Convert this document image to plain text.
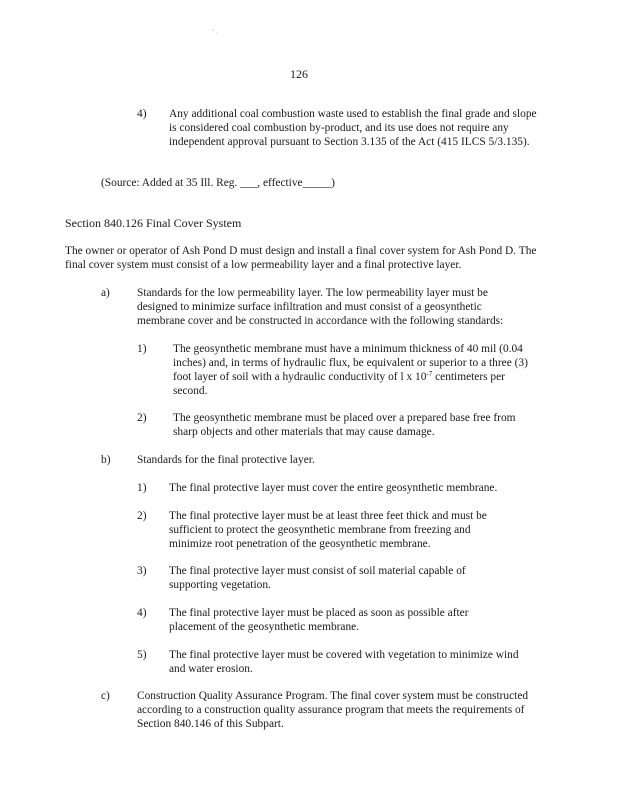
˘ ·
126
4) Any additional coal combustion waste used to establish the final grade and slope is considered coal combustion by-product, and its use does not require any independent approval pursuant to Section 3.135 of the Act (415 ILCS 5/3.135).
(Source: Added at 35 Ill. Reg. ___, effective_____)
Section 840.126 Final Cover System
The owner or operator of Ash Pond D must design and install a final cover system for Ash Pond D. The final cover system must consist of a low permeability layer and a final protective layer.
a) Standards for the low permeability layer. The low permeability layer must be designed to minimize surface infiltration and must consist of a geosynthetic membrane cover and be constructed in accordance with the following standards:
1) The geosynthetic membrane must have a minimum thickness of 40 mil (0.04 inches) and, in terms of hydraulic flux, be equivalent or superior to a three (3) foot layer of soil with a hydraulic conductivity of l x $10^{-7}$ centimeters per second.
2) The geosynthetic membrane must be placed over a prepared base free from sharp objects and other materials that may cause damage.
b) Standards for the final protective layer.
1) The final protective layer must cover the entire geosynthetic membrane.
2) The final protective layer must be at least three feet thick and must be sufficient to protect the geosynthetic membrane from freezing and minimize root penetration of the geosynthetic membrane.
3) The final protective layer must consist of soil material capable of supporting vegetation.
4) The final protective layer must be placed as soon as possible after placement of the geosynthetic membrane.
5) The final protective layer must be covered with vegetation to minimize wind and water erosion.
c) Construction Quality Assurance Program. The final cover system must be constructed according to a construction quality assurance program that meets the requirements of Section 840.146 of this Subpart.
